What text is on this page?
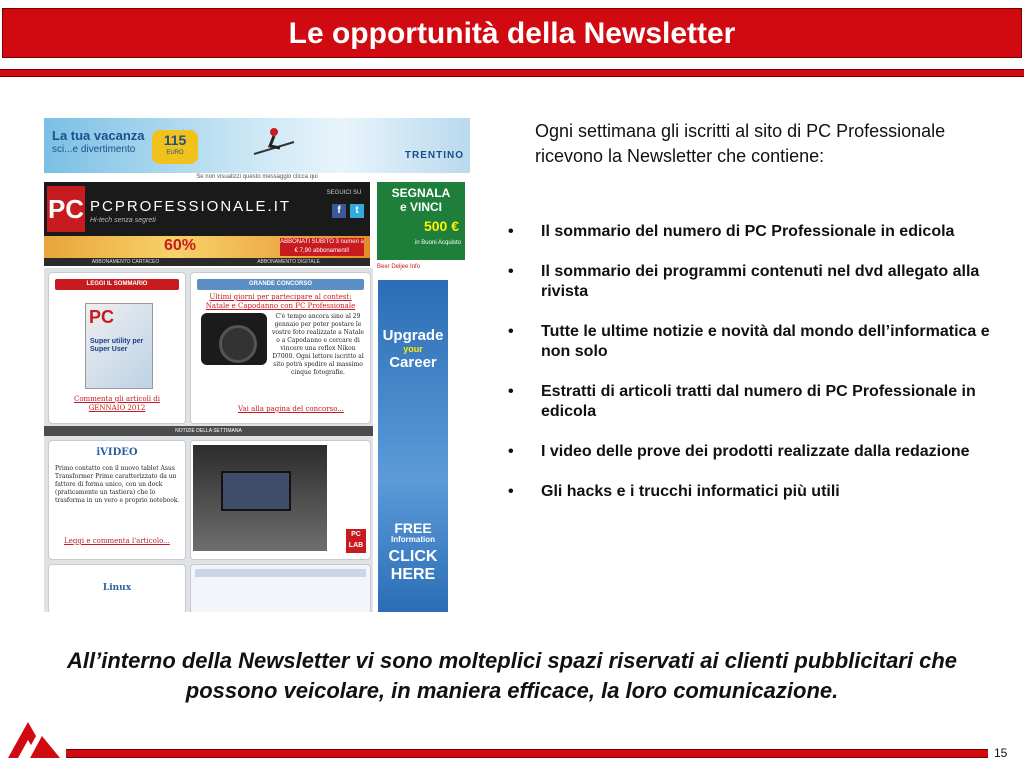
Le opportunità della Newsletter
La tua vacanza
sci...e divertimento
115
EURO	TRENTINO
Se non visualizzi questo messaggio clicca qui
PC PCPROFESSIONALE.IT
Hi-tech senza segreti
SEGUICI SU
f	t
60%	ABBONATI SUBITO 3 numeri a € 7,90 abbonamenti!
ABBONAMENTO CARTACEO	ABBONAMENTO DIGITALE
SEGNALA
e VINCI
500 €
in Buoni Acquisto
Beer Deljee Info
Upgrade
your
Career
FREE
Information
CLICK HERE
LEGGI IL SOMMARIO
PC
Super utility per Super User
Commenta gli articoli di GENNAIO 2012
GRANDE CONCORSO
Ultimi giorni per partecipare al contest: Natale e Capodanno con PC Professionale
C'è tempo ancora sino al 29 gennaio per poter postare le vostre foto realizzate a Natale o a Capodanno e cercare di vincere una reflex Nikon D7000. Ogni lettore iscritto al sito potrà spedire al massimo cinque fotografie.
Vai alla pagina del concorso...
NOTIZIE DELLA SETTIMANA
iVIDEO
Primo contatto con il nuovo tablet Asus Transformer Prime caratterizzato da un fattore di forma unico, con un dock (praticamente un tastiera) che lo trasforma in un vero e proprio notebook.
Leggi e commenta l'articolo...
PC LAB
Linux
Ogni settimana gli iscritti al sito di PC Professionale ricevono la Newsletter che contiene:
• Il sommario del numero di PC Professionale in edicola
• Il sommario dei programmi contenuti nel dvd allegato alla rivista
• Tutte le ultime notizie e novità dal mondo dell’informatica e non solo
• Estratti di articoli tratti dal numero di PC Professionale in edicola
• I video delle prove dei prodotti realizzate dalla redazione
• Gli hacks e i trucchi informatici più utili
All’interno della Newsletter vi sono molteplici spazi riservati ai clienti pubblicitari che possono veicolare, in maniera efficace, la loro comunicazione.
15
